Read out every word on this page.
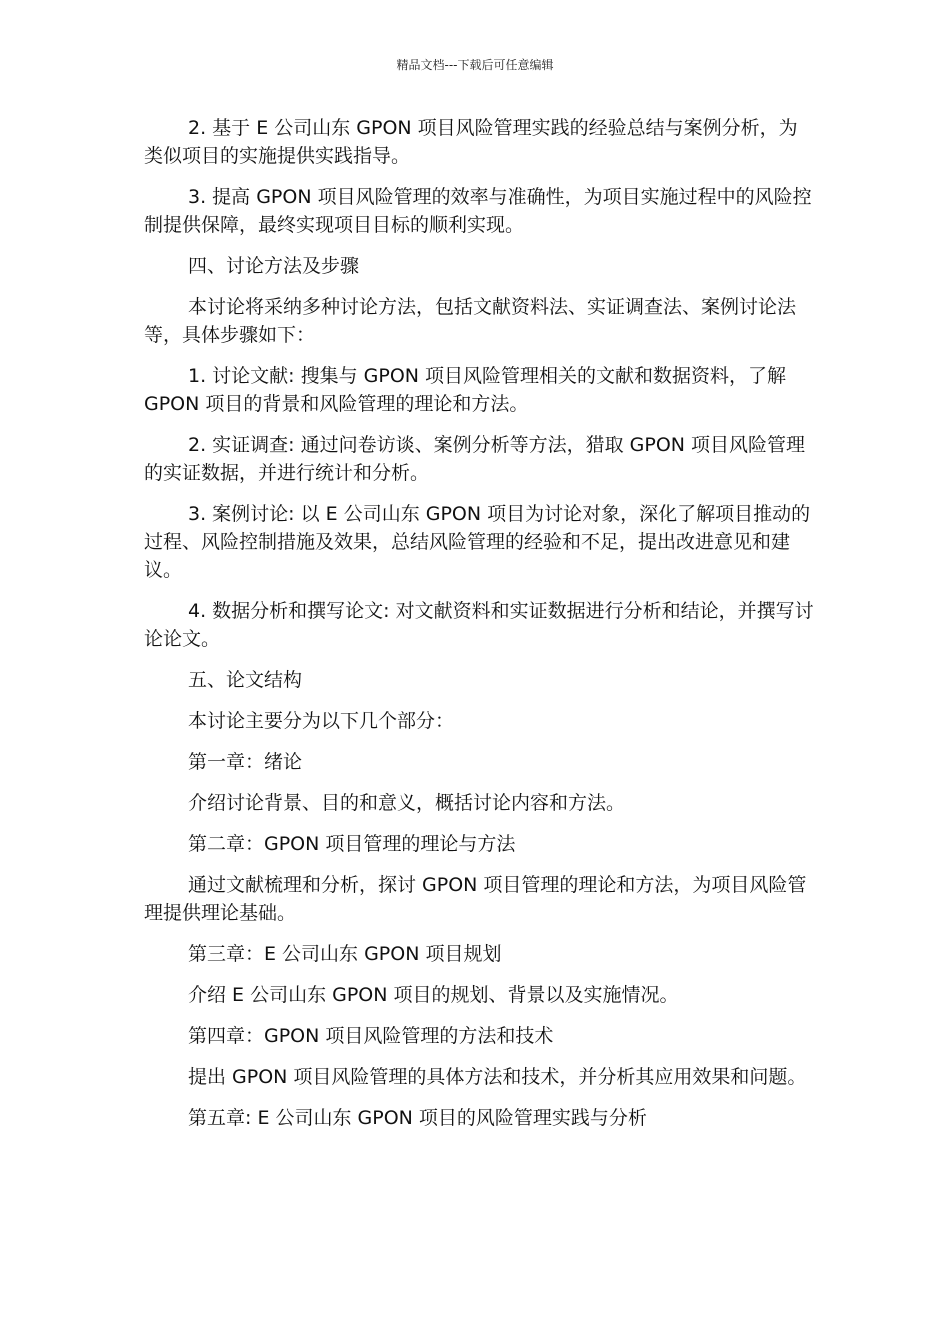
精品文档---下载后可任意编辑

2. 基于 E 公司山东 GPON 项目风险管理实践的经验总结与案例分析，为类似项目的实施提供实践指导。

3. 提高 GPON 项目风险管理的效率与准确性，为项目实施过程中的风险控制提供保障，最终实现项目目标的顺利实现。

四、讨论方法及步骤

本讨论将采纳多种讨论方法，包括文献资料法、实证调查法、案例讨论法等，具体步骤如下：

1. 讨论文献: 搜集与 GPON 项目风险管理相关的文献和数据资料，了解 GPON 项目的背景和风险管理的理论和方法。

2. 实证调查: 通过问卷访谈、案例分析等方法，猎取 GPON 项目风险管理的实证数据，并进行统计和分析。

3. 案例讨论: 以 E 公司山东 GPON 项目为讨论对象，深化了解项目推动的过程、风险控制措施及效果，总结风险管理的经验和不足，提出改进意见和建议。

4. 数据分析和撰写论文: 对文献资料和实证数据进行分析和结论，并撰写讨论论文。

五、论文结构

本讨论主要分为以下几个部分：

第一章：绪论

介绍讨论背景、目的和意义，概括讨论内容和方法。

第二章：GPON 项目管理的理论与方法

通过文献梳理和分析，探讨 GPON 项目管理的理论和方法，为项目风险管理提供理论基础。

第三章：E 公司山东 GPON 项目规划

介绍 E 公司山东 GPON 项目的规划、背景以及实施情况。

第四章：GPON 项目风险管理的方法和技术

提出 GPON 项目风险管理的具体方法和技术，并分析其应用效果和问题。

第五章: E 公司山东 GPON 项目的风险管理实践与分析
